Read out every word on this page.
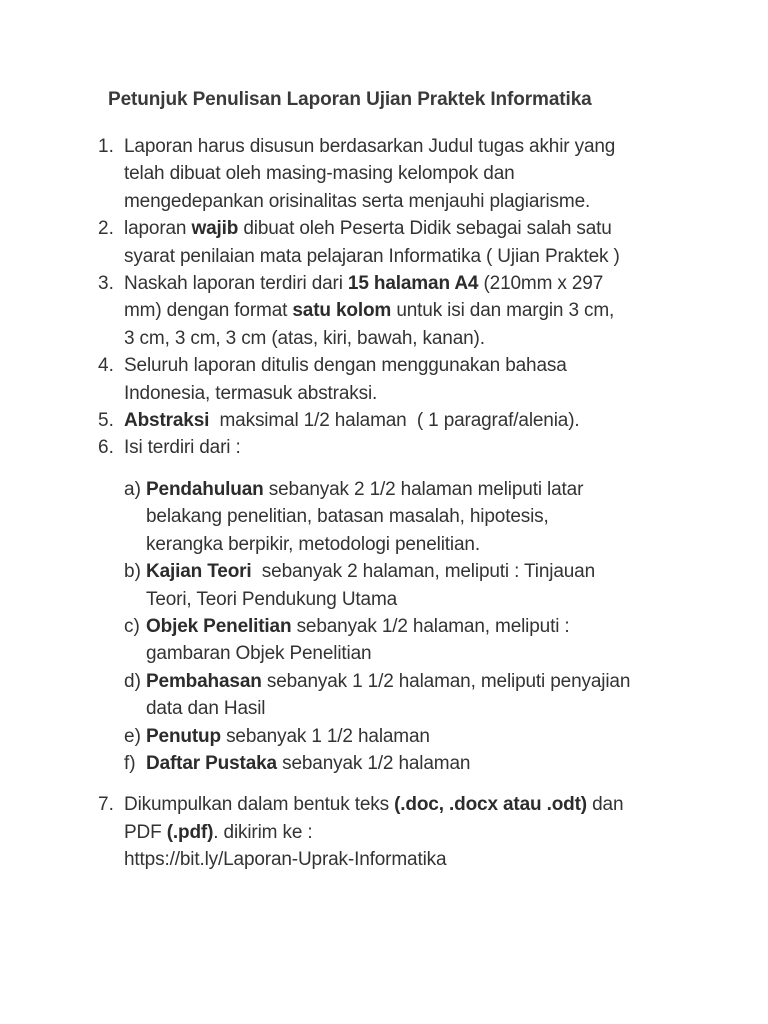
Petunjuk Penulisan Laporan Ujian Praktek Informatika
1. Laporan harus disusun berdasarkan Judul tugas akhir yang
telah dibuat oleh masing-masing kelompok dan
mengedepankan orisinalitas serta menjauhi plagiarisme.
2. laporan wajib dibuat oleh Peserta Didik sebagai salah satu
syarat penilaian mata pelajaran Informatika ( Ujian Praktek )
3. Naskah laporan terdiri dari 15 halaman A4 (210mm x 297
mm) dengan format satu kolom untuk isi dan margin 3 cm,
3 cm, 3 cm, 3 cm (atas, kiri, bawah, kanan).
4. Seluruh laporan ditulis dengan menggunakan bahasa
Indonesia, termasuk abstraksi.
5. Abstraksi  maksimal 1/2 halaman  ( 1 paragraf/alenia).
6. Isi terdiri dari :
a) Pendahuluan sebanyak 2 1/2 halaman meliputi latar
belakang penelitian, batasan masalah, hipotesis,
kerangka berpikir, metodologi penelitian.
b) Kajian Teori  sebanyak 2 halaman, meliputi : Tinjauan
Teori, Teori Pendukung Utama
c) Objek Penelitian sebanyak 1/2 halaman, meliputi :
gambaran Objek Penelitian
d) Pembahasan sebanyak 1 1/2 halaman, meliputi penyajian
data dan Hasil
e) Penutup sebanyak 1 1/2 halaman
f) Daftar Pustaka sebanyak 1/2 halaman
7. Dikumpulkan dalam bentuk teks (.doc, .docx atau .odt) dan
PDF (.pdf). dikirim ke :
https://bit.ly/Laporan-Uprak-Informatika
